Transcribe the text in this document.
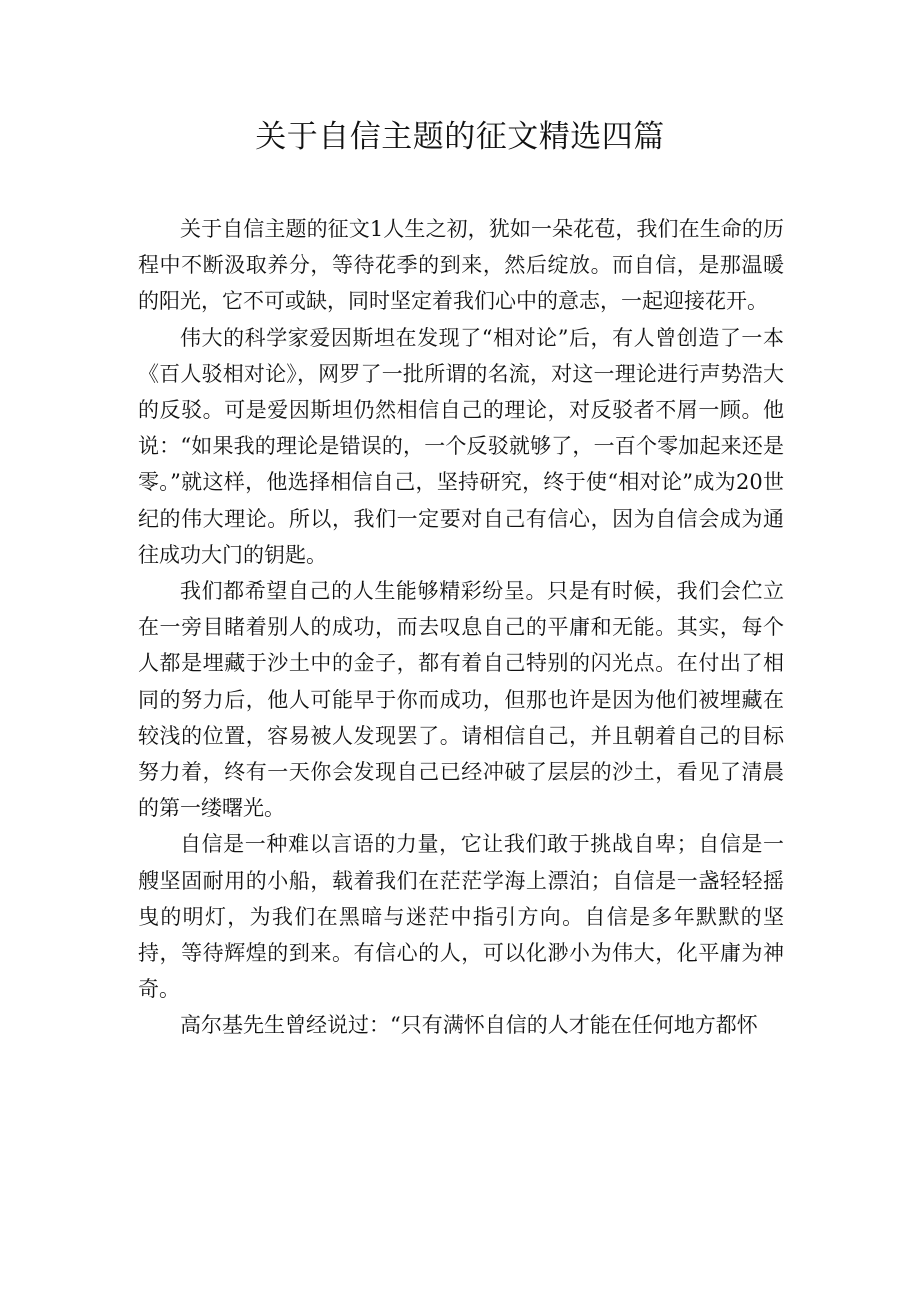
关于自信主题的征文精选四篇

关于自信主题的征文1人生之初，犹如一朵花苞，我们在生命的历程中不断汲取养分，等待花季的到来，然后绽放。而自信，是那温暖的阳光，它不可或缺，同时坚定着我们心中的意志，一起迎接花开。

伟大的科学家爱因斯坦在发现了“相对论”后，有人曾创造了一本《百人驳相对论》，网罗了一批所谓的名流，对这一理论进行声势浩大的反驳。可是爱因斯坦仍然相信自己的理论，对反驳者不屑一顾。他说：“如果我的理论是错误的，一个反驳就够了，一百个零加起来还是零。”就这样，他选择相信自己，坚持研究，终于使“相对论”成为20世纪的伟大理论。所以，我们一定要对自己有信心，因为自信会成为通往成功大门的钥匙。

我们都希望自己的人生能够精彩纷呈。只是有时候，我们会伫立在一旁目睹着别人的成功，而去叹息自己的平庸和无能。其实，每个人都是埋藏于沙土中的金子，都有着自己特别的闪光点。在付出了相同的努力后，他人可能早于你而成功，但那也许是因为他们被埋藏在较浅的位置，容易被人发现罢了。请相信自己，并且朝着自己的目标努力着，终有一天你会发现自己已经冲破了层层的沙土，看见了清晨的第一缕曙光。

自信是一种难以言语的力量，它让我们敢于挑战自卑；自信是一艘坚固耐用的小船，载着我们在茫茫学海上漂泊；自信是一盏轻轻摇曳的明灯，为我们在黑暗与迷茫中指引方向。自信是多年默默的坚持，等待辉煌的到来。有信心的人，可以化渺小为伟大，化平庸为神奇。

高尔基先生曾经说过：“只有满怀自信的人才能在任何地方都怀
